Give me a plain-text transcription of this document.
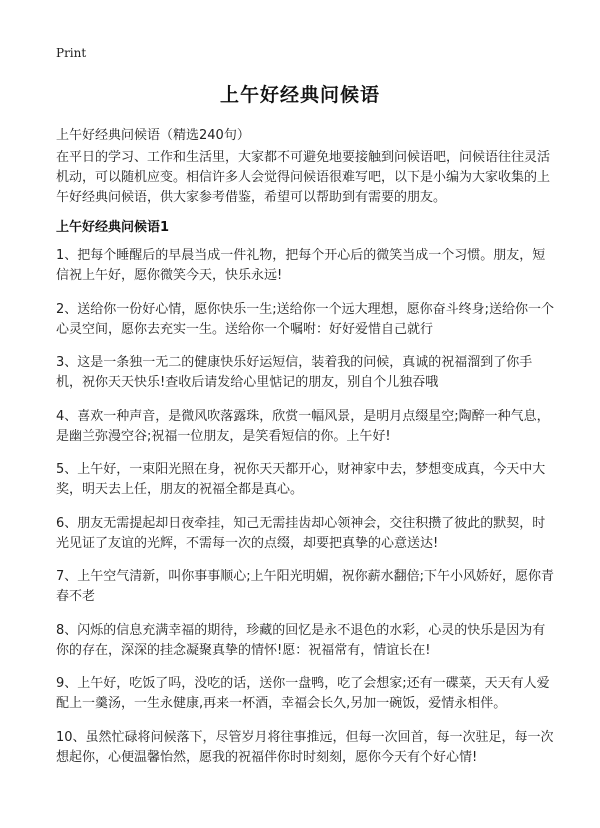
Print
上午好经典问候语
上午好经典问候语（精选240句）

在平日的学习、工作和生活里，大家都不可避免地要接触到问候语吧，问候语往往灵活机动，可以随机应变。相信许多人会觉得问候语很难写吧，以下是小编为大家收集的上午好经典问候语，供大家参考借鉴，希望可以帮助到有需要的朋友。

上午好经典问候语1
1、把每个睡醒后的早晨当成一件礼物，把每个开心后的微笑当成一个习惯。朋友，短信祝上午好，愿你微笑今天，快乐永远!
2、送给你一份好心情，愿你快乐一生;送给你一个远大理想，愿你奋斗终身;送给你一个心灵空间，愿你去充实一生。送给你一个嘱咐：好好爱惜自己就行
3、这是一条独一无二的健康快乐好运短信，装着我的问候，真诚的祝福溜到了你手机，祝你天天快乐!查收后请发给心里惦记的朋友，别自个儿独吞哦
4、喜欢一种声音，是微风吹落露珠，欣赏一幅风景，是明月点缀星空;陶醉一种气息，是幽兰弥漫空谷;祝福一位朋友，是笑看短信的你。上午好!
5、上午好，一束阳光照在身，祝你天天都开心，财神家中去，梦想变成真，今天中大奖，明天去上任，朋友的祝福全都是真心。
6、朋友无需提起却日夜牵挂，知己无需挂齿却心领神会，交往积攒了彼此的默契，时光见证了友谊的光辉，不需每一次的点缀，却要把真挚的心意送达!
7、上午空气清新，叫你事事顺心;上午阳光明媚，祝你薪水翻倍;下午小风娇好，愿你青春不老
8、闪烁的信息充满幸福的期待，珍藏的回忆是永不退色的水彩，心灵的快乐是因为有你的存在，深深的挂念凝聚真挚的情怀!愿：祝福常有，情谊长在!
9、上午好，吃饭了吗，没吃的话，送你一盘鸭，吃了会想家;还有一碟菜，天天有人爱配上一羹汤，一生永健康,再来一杯酒，幸福会长久,另加一碗饭，爱情永相伴。
10、虽然忙碌将问候落下，尽管岁月将往事推远，但每一次回首，每一次驻足，每一次想起你，心便温馨怡然，愿我的祝福伴你时时刻刻，愿你今天有个好心情!
